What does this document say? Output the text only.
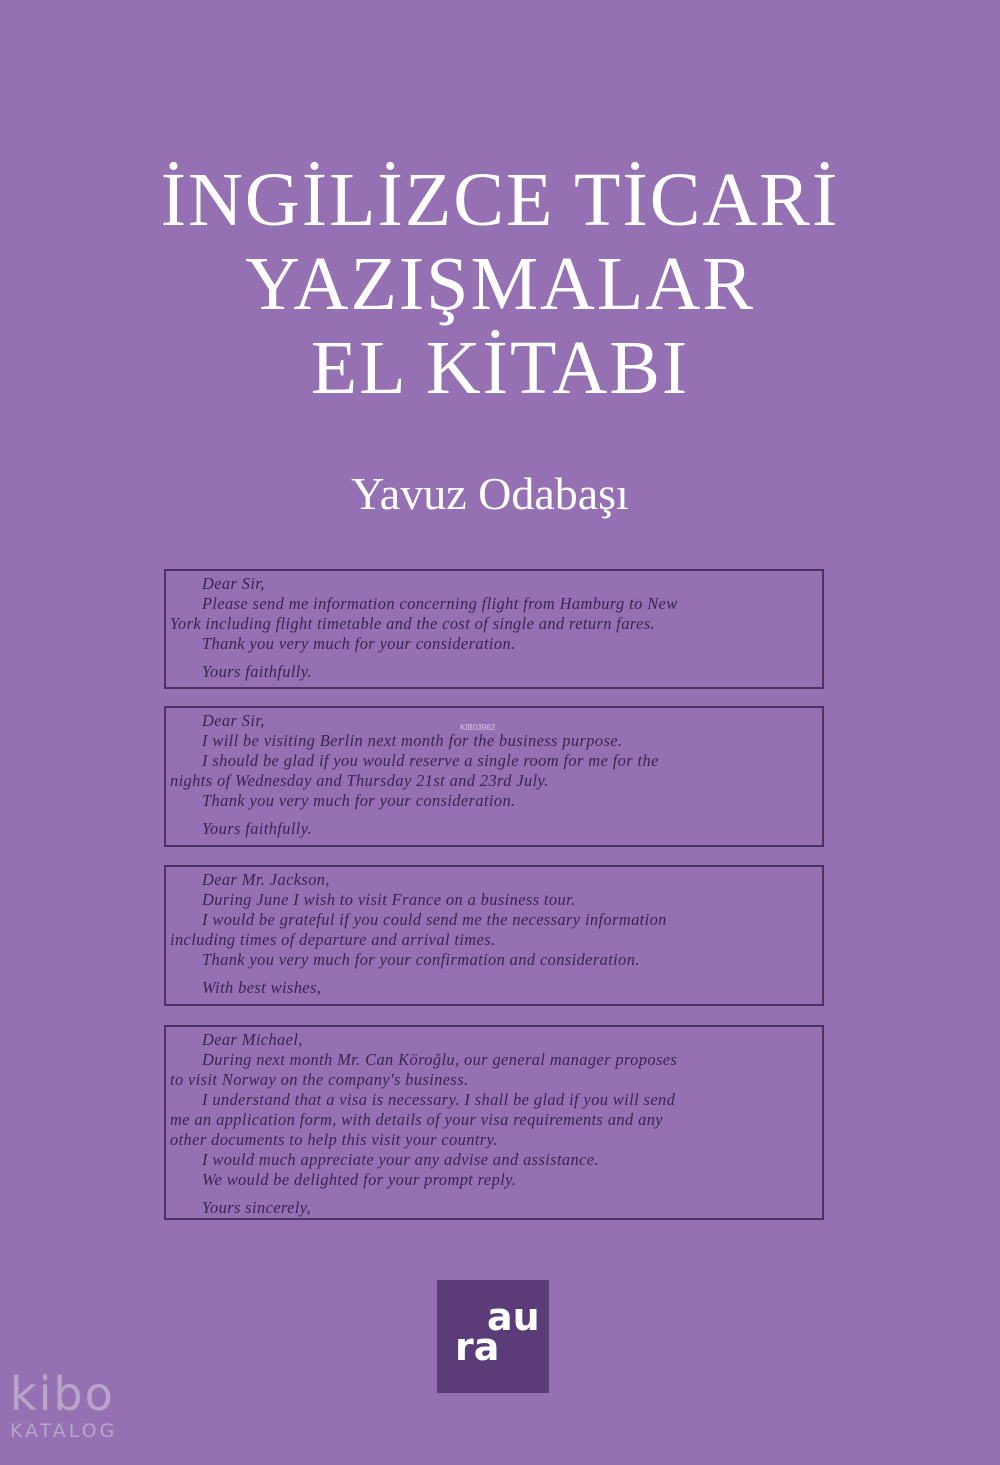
İNGİLİZCE TİCARİ
YAZIŞMALAR
EL KİTABI
Yavuz Odabaşı
Dear Sir,
Please send me information concerning flight from Hamburg to New
York including flight timetable and the cost of single and return fares.
Thank you very much for your consideration.
Yours faithfully.
KIB03962
Dear Sir,
I will be visiting Berlin next month for the business purpose.
I should be glad if you would reserve a single room for me for the
nights of Wednesday and Thursday 21st and 23rd July.
Thank you very much for your consideration.
Yours faithfully.
Dear Mr. Jackson,
During June I wish to visit France on a business tour.
I would be grateful if you could send me the necessary information
including times of departure and arrival times.
Thank you very much for your confirmation and consideration.
With best wishes,
Dear Michael,
During next month Mr. Can Köroğlu, our general manager proposes
to visit Norway on the company's business.
I understand that a visa is necessary. I shall be glad if you will send
me an application form, with details of your visa requirements and any
other documents to help this visit your country.
I would much appreciate your any advise and assistance.
We would be delighted for your prompt reply.
Yours sincerely,
au
ra
kibo
KATALOG
